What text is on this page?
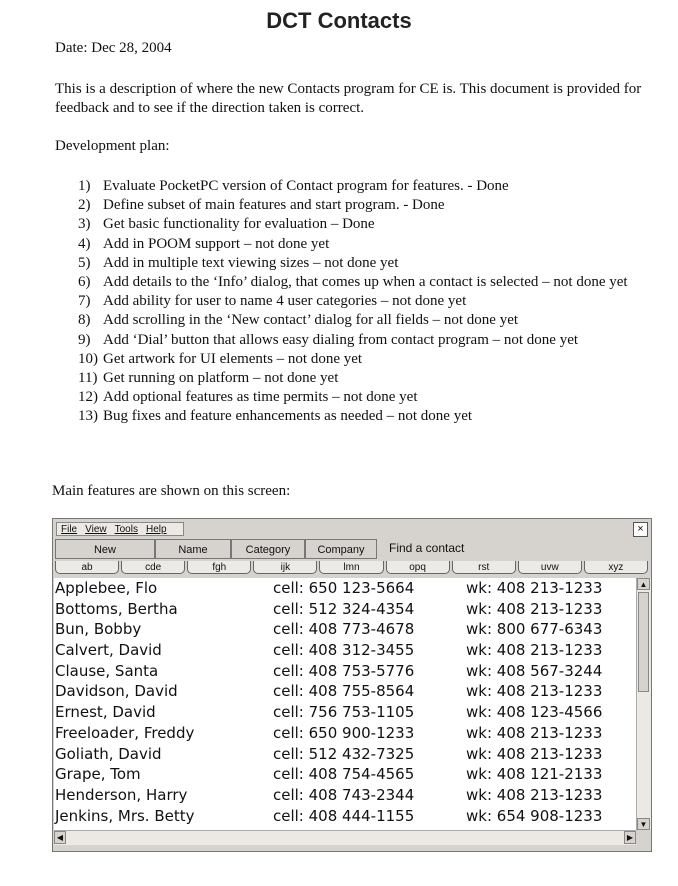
DCT Contacts
Date: Dec 28, 2004
This is a description of where the new Contacts program for CE is. This document is provided for feedback and to see if the direction taken is correct.
Development plan:
1) Evaluate PocketPC version of Contact program for features. - Done
2) Define subset of main features and start program. - Done
3) Get basic functionality for evaluation – Done
4) Add in POOM support – not done yet
5) Add in multiple text viewing sizes – not done yet
6) Add details to the ‘Info’ dialog, that comes up when a contact is selected – not done yet
7) Add ability for user to name 4 user categories – not done yet
8) Add scrolling in the ‘New contact’ dialog for all fields – not done yet
9) Add ‘Dial’ button that allows easy dialing from contact program – not done yet
10) Get artwork for UI elements – not done yet
11) Get running on platform – not done yet
12) Add optional features as time permits – not done yet
13) Bug fixes and feature enhancements as needed – not done yet
Main features are shown on this screen:
File View Tools Help	×
New	Name	Category	Company	Find a contact
ab	cde	fgh	ijk	lmn	opq	rst	uvw	xyz
Applebee, Flo	cell: 650 123-5664	wk: 408 213-1233
Bottoms, Bertha	cell: 512 324-4354	wk: 408 213-1233
Bun, Bobby	cell: 408 773-4678	wk: 800 677-6343
Calvert, David	cell: 408 312-3455	wk: 408 213-1233
Clause, Santa	cell: 408 753-5776	wk: 408 567-3244
Davidson, David	cell: 408 755-8564	wk: 408 213-1233
Ernest, David	cell: 756 753-1105	wk: 408 123-4566
Freeloader, Freddy	cell: 650 900-1233	wk: 408 213-1233
Goliath, David	cell: 512 432-7325	wk: 408 213-1233
Grape, Tom	cell: 408 754-4565	wk: 408 121-2133
Henderson, Harry	cell: 408 743-2344	wk: 408 213-1233
Jenkins, Mrs. Betty	cell: 408 444-1155	wk: 654 908-1233
▲
▼
◀	▶
